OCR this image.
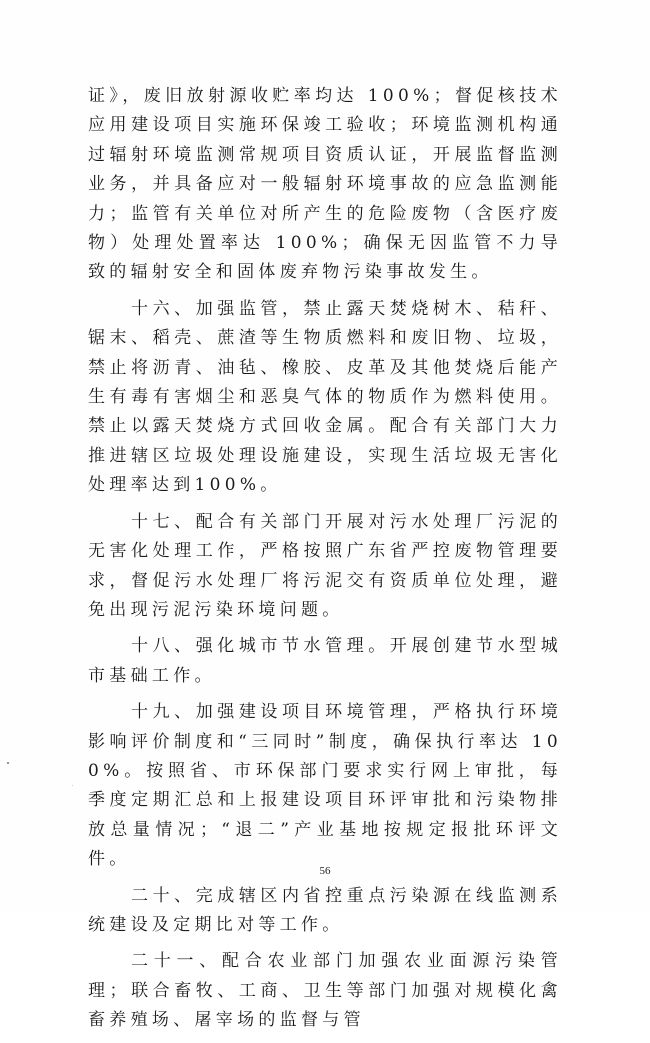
证》，废旧放射源收贮率均达 100%；督促核技术应用建设项目实施环保竣工验收；环境监测机构通过辐射环境监测常规项目资质认证，开展监督监测业务，并具备应对一般辐射环境事故的应急监测能力；监管有关单位对所产生的危险废物（含医疗废物）处理处置率达 100%；确保无因监管不力导致的辐射安全和固体废弃物污染事故发生。

十六、加强监管，禁止露天焚烧树木、秸秆、锯末、稻壳、蔗渣等生物质燃料和废旧物、垃圾，禁止将沥青、油毡、橡胶、皮革及其他焚烧后能产生有毒有害烟尘和恶臭气体的物质作为燃料使用。禁止以露天焚烧方式回收金属。配合有关部门大力推进辖区垃圾处理设施建设，实现生活垃圾无害化处理率达到100%。

十七、配合有关部门开展对污水处理厂污泥的无害化处理工作，严格按照广东省严控废物管理要求，督促污水处理厂将污泥交有资质单位处理，避免出现污泥污染环境问题。

十八、强化城市节水管理。开展创建节水型城市基础工作。

十九、加强建设项目环境管理，严格执行环境影响评价制度和“三同时”制度，确保执行率达 100%。按照省、市环保部门要求实行网上审批，每季度定期汇总和上报建设项目环评审批和污染物排放总量情况；“退二”产业基地按规定报批环评文件。

二十、完成辖区内省控重点污染源在线监测系统建设及定期比对等工作。

二十一、配合农业部门加强农业面源污染管理；联合畜牧、工商、卫生等部门加强对规模化禽畜养殖场、屠宰场的监督与管

56
